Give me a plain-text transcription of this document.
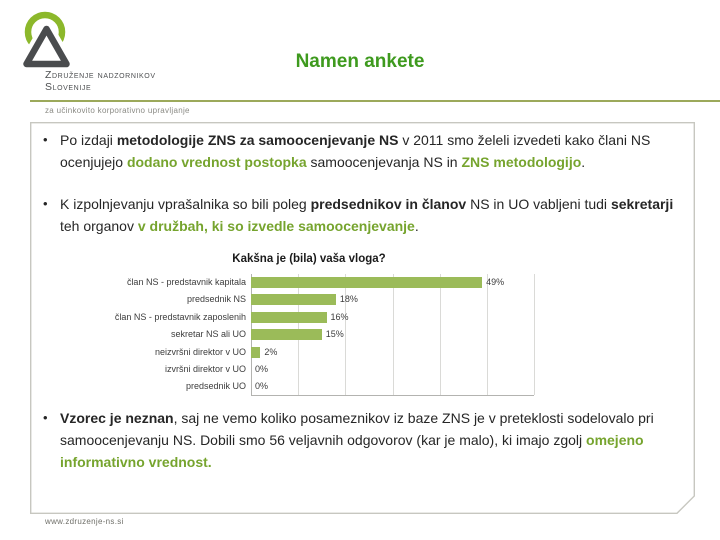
Združenje nadzornikov
Slovenije
Namen ankete
za učinkovito korporativno upravljanje
• Po izdaji metodologije ZNS za samoocenjevanje NS v 2011 smo želeli izvedeti kako člani NS ocenjujejo dodano vrednost postopka samoocenjevanja NS in ZNS metodologijo.
• K izpolnjevanju vprašalnika so bili poleg predsednikov in članov NS in UO vabljeni tudi sekretarji teh organov v družbah, ki so izvedle samoocenjevanje.
Kakšna je (bila) vaša vloga?
član NS - predstavnik kapitala
predsednik NS
član NS - predstavnik zaposlenih
sekretar NS ali UO
neizvršni direktor v UO
izvršni direktor v UO
predsednik UO
49%
18%
16%
15%
2%
0%
0%
• Vzorec je neznan, saj ne vemo koliko posameznikov iz baze ZNS je v preteklosti sodelovalo pri samoocenjevanju NS. Dobili smo 56 veljavnih odgovorov (kar je malo), ki imajo zgolj omejeno informativno vrednost.
www.zdruzenje-ns.si
